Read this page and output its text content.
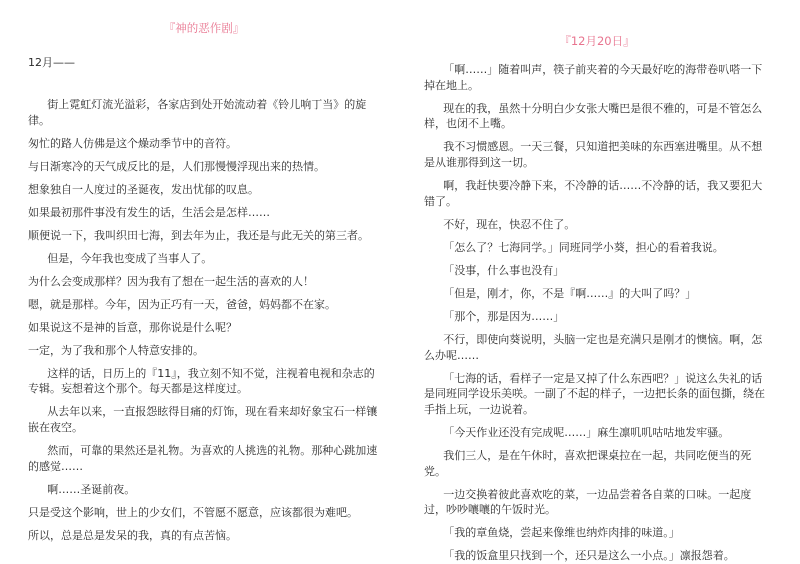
『神的恶作剧』
12月——

街上霓虹灯流光溢彩，各家店到处开始流动着《铃儿响丁当》的旋律。

匆忙的路人仿佛是这个燥动季节中的音符。

与日渐寒冷的天气成反比的是，人们那慢慢浮现出来的热情。

想象独自一人度过的圣诞夜，发出忧郁的叹息。

如果最初那件事没有发生的话，生活会是怎样……

顺便说一下，我叫织田七海，到去年为止，我还是与此无关的第三者。

但是，今年我也变成了当事人了。

为什么会变成那样？因为我有了想在一起生活的喜欢的人！

嗯，就是那样。今年，因为正巧有一天，爸爸，妈妈都不在家。

如果说这不是神的旨意，那你说是什么呢？

一定，为了我和那个人特意安排的。

这样的话，日历上的『11』，我立刻不知不觉，注视着电视和杂志的专辑。妄想着这个那个。每天都是这样度过。

从去年以来，一直报怨眩得目痛的灯饰，现在看来却好象宝石一样镶嵌在夜空。

然而，可靠的果然还是礼物。为喜欢的人挑选的礼物。那种心跳加速的感觉……

啊……圣诞前夜。

只是受这个影响，世上的少女们，不管愿不愿意，应该都很为难吧。

所以，总是总是发呆的我，真的有点苦恼。

『12月20日』

「啊……」随着叫声，筷子前夹着的今天最好吃的海带卷叭嗒一下掉在地上。

现在的我，虽然十分明白少女张大嘴巴是很不雅的，可是不管怎么样，也闭不上嘴。

我不习惯感恩。一天三餐，只知道把美味的东西塞进嘴里。从不想是从谁那得到这一切。

啊，我赶快要冷静下来，不冷静的话……不冷静的话，我又要犯大错了。

不好，现在，快忍不住了。

「怎么了？七海同学。」同班同学小葵，担心的看着我说。

「没事，什么事也没有」

「但是，刚才，你，不是『啊……』的大叫了吗？」

「那个，那是因为……」

不行，即使向葵说明，头脑一定也是充满只是刚才的懊恼。啊，怎么办呢……

「七海的话，看样子一定是又掉了什么东西吧？」说这么失礼的话是同班同学设乐美咲。一副了不起的样子，一边把长条的面包撕，绕在手指上玩，一边说着。

「今天作业还没有完成呢……」麻生凛叽叽咕咕地发牢骚。

我们三人，是在午休时，喜欢把课桌拉在一起，共同吃便当的死党。

一边交换着彼此喜欢吃的菜，一边品尝着各自菜的口味。一起度过，吵吵嚷嚷的午饭时光。

「我的章鱼烧，尝起来像维也纳炸肉排的味道。」

「我的饭盒里只找到一个，还只是这么一小点。」凛报怨着。
